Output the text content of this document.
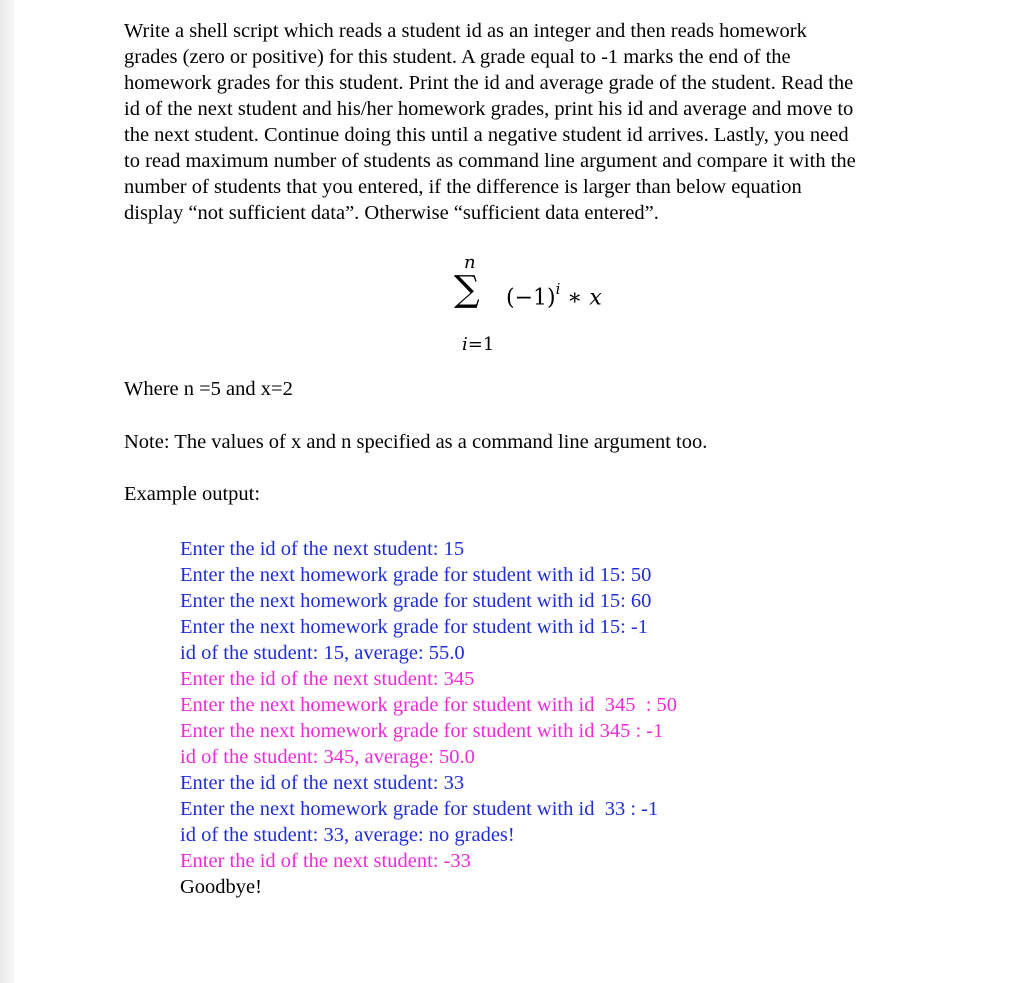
Write a shell script which reads a student id as an integer and then reads homework

grades (zero or positive) for this student. A grade equal to -1 marks the end of the

homework grades for this student. Print the id and average grade of the student. Read the

id of the next student and his/her homework grades, print his id and average and move to

the next student. Continue doing this until a negative student id arrives. Lastly, you need

to read maximum number of students as command line argument and compare it with the

number of students that you entered, if the difference is larger than below equation

display “not sufficient data”. Otherwise “sufficient data entered”.

n
∑ $(-1)^i$ ∗ x
i=1
Where n =5 and x=2
Note: The values of x and n specified as a command line argument too.
Example output:
Enter the id of the next student: 15
Enter the next homework grade for student with id 15: 50
Enter the next homework grade for student with id 15: 60
Enter the next homework grade for student with id 15: -1
id of the student: 15, average: 55.0
Enter the id of the next student: 345
Enter the next homework grade for student with id  345  : 50
Enter the next homework grade for student with id 345 : -1
id of the student: 345, average: 50.0
Enter the id of the next student: 33
Enter the next homework grade for student with id  33 : -1
id of the student: 33, average: no grades!
Enter the id of the next student: -33
Goodbye!
